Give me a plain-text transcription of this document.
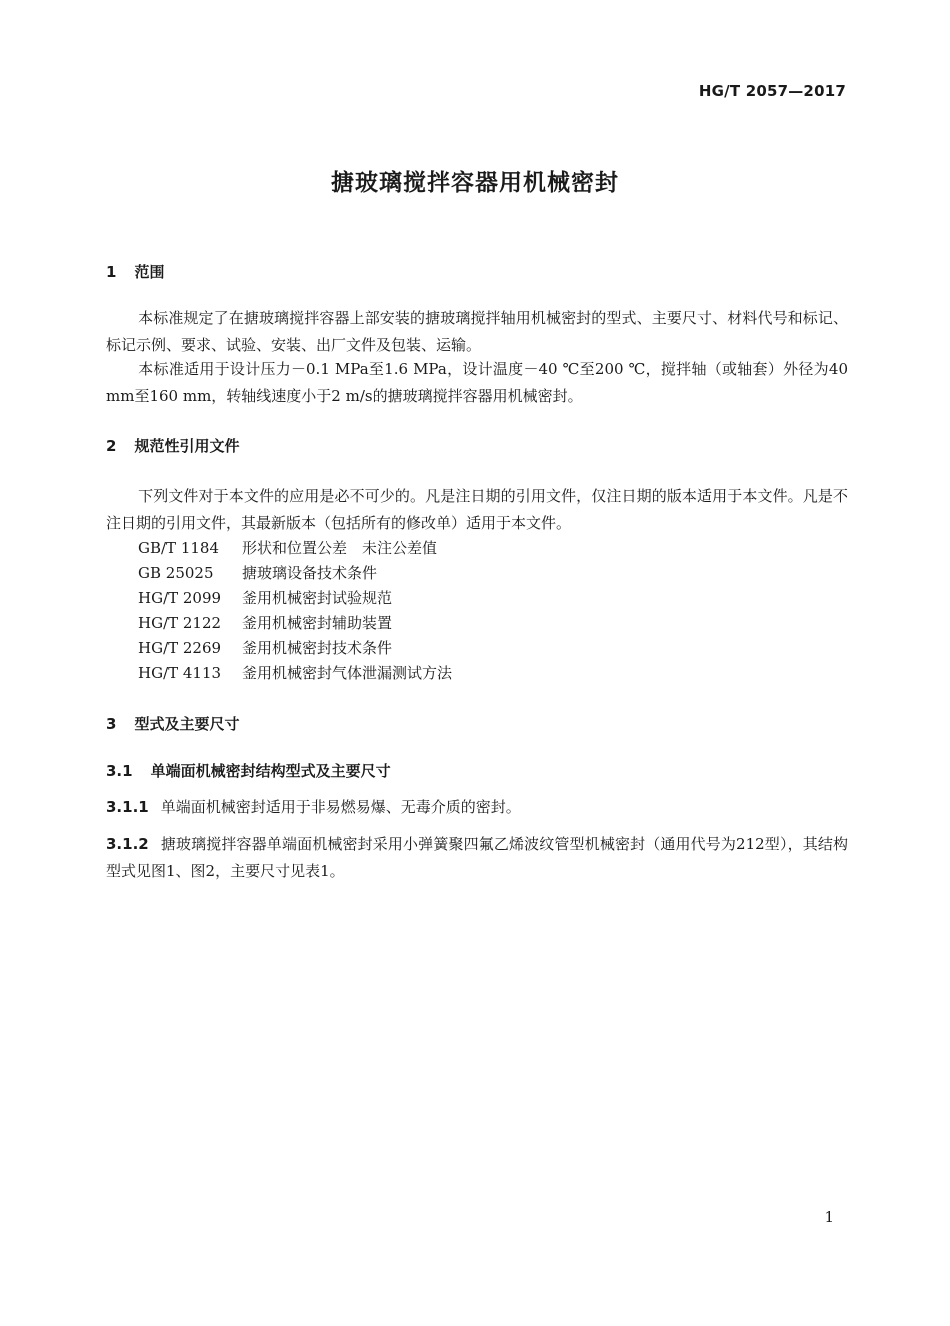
HG/T 2057—2017
搪玻璃搅拌容器用机械密封
1 范围
本标准规定了在搪玻璃搅拌容器上部安装的搪玻璃搅拌轴用机械密封的型式、主要尺寸、材料代号和标记、标记示例、要求、试验、安装、出厂文件及包装、运输。
本标准适用于设计压力－0.1 MPa至1.6 MPa，设计温度－40 ℃至200 ℃，搅拌轴（或轴套）外径为40 mm至160 mm，转轴线速度小于2 m/s的搪玻璃搅拌容器用机械密封。
2 规范性引用文件
下列文件对于本文件的应用是必不可少的。凡是注日期的引用文件，仅注日期的版本适用于本文件。凡是不注日期的引用文件，其最新版本（包括所有的修改单）适用于本文件。
GB/T 1184 形状和位置公差　未注公差值
GB 25025 搪玻璃设备技术条件
HG/T 2099 釜用机械密封试验规范
HG/T 2122 釜用机械密封辅助装置
HG/T 2269 釜用机械密封技术条件
HG/T 4113 釜用机械密封气体泄漏测试方法
3 型式及主要尺寸
3.1 单端面机械密封结构型式及主要尺寸
3.1.1 单端面机械密封适用于非易燃易爆、无毒介质的密封。
3.1.2 搪玻璃搅拌容器单端面机械密封采用小弹簧聚四氟乙烯波纹管型机械密封（通用代号为212型），其结构型式见图1、图2，主要尺寸见表1。
1
